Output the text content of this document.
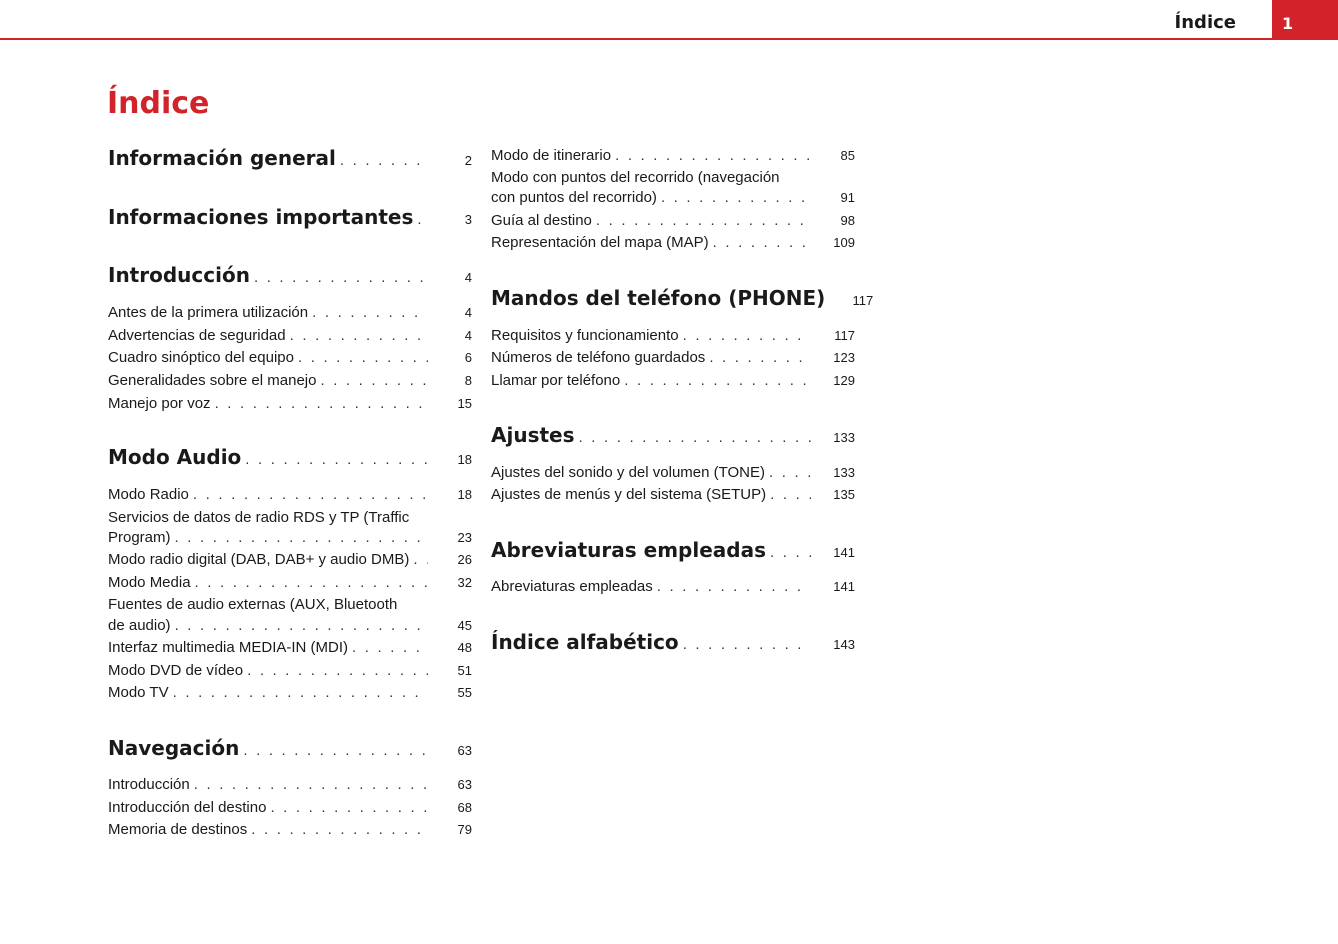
Índice	1
Índice
Información general . . .	2
Informaciones importantes . . .	3
Introducción . . .	4
Antes de la primera utilización . . .	4
Advertencias de seguridad . . .	4
Cuadro sinóptico del equipo . . .	6
Generalidades sobre el manejo . . .	8
Manejo por voz . . .	15
Modo Audio . . .	18
Modo Radio . . .	18
Servicios de datos de radio RDS y TP (Traffic
Program) . . .	23
Modo radio digital (DAB, DAB+ y audio DMB) . . .	26
Modo Media . . .	32
Fuentes de audio externas (AUX, Bluetooth
de audio) . . .	45
Interfaz multimedia MEDIA-IN (MDI) . . .	48
Modo DVD de vídeo . . .	51
Modo TV . . .	55
Navegación . . .	63
Introducción . . .	63
Introducción del destino . . .	68
Memoria de destinos . . .	79
Modo de itinerario . . .	85
Modo con puntos del recorrido (navegación
con puntos del recorrido) . . .	91
Guía al destino . . .	98
Representación del mapa (MAP) . . .	109
Mandos del teléfono (PHONE)	117
Requisitos y funcionamiento . . .	117
Números de teléfono guardados . . .	123
Llamar por teléfono . . .	129
Ajustes . . .	133
Ajustes del sonido y del volumen (TONE) . . .	133
Ajustes de menús y del sistema (SETUP) . . .	135
Abreviaturas empleadas . . .	141
Abreviaturas empleadas . . .	141
Índice alfabético . . .	143
